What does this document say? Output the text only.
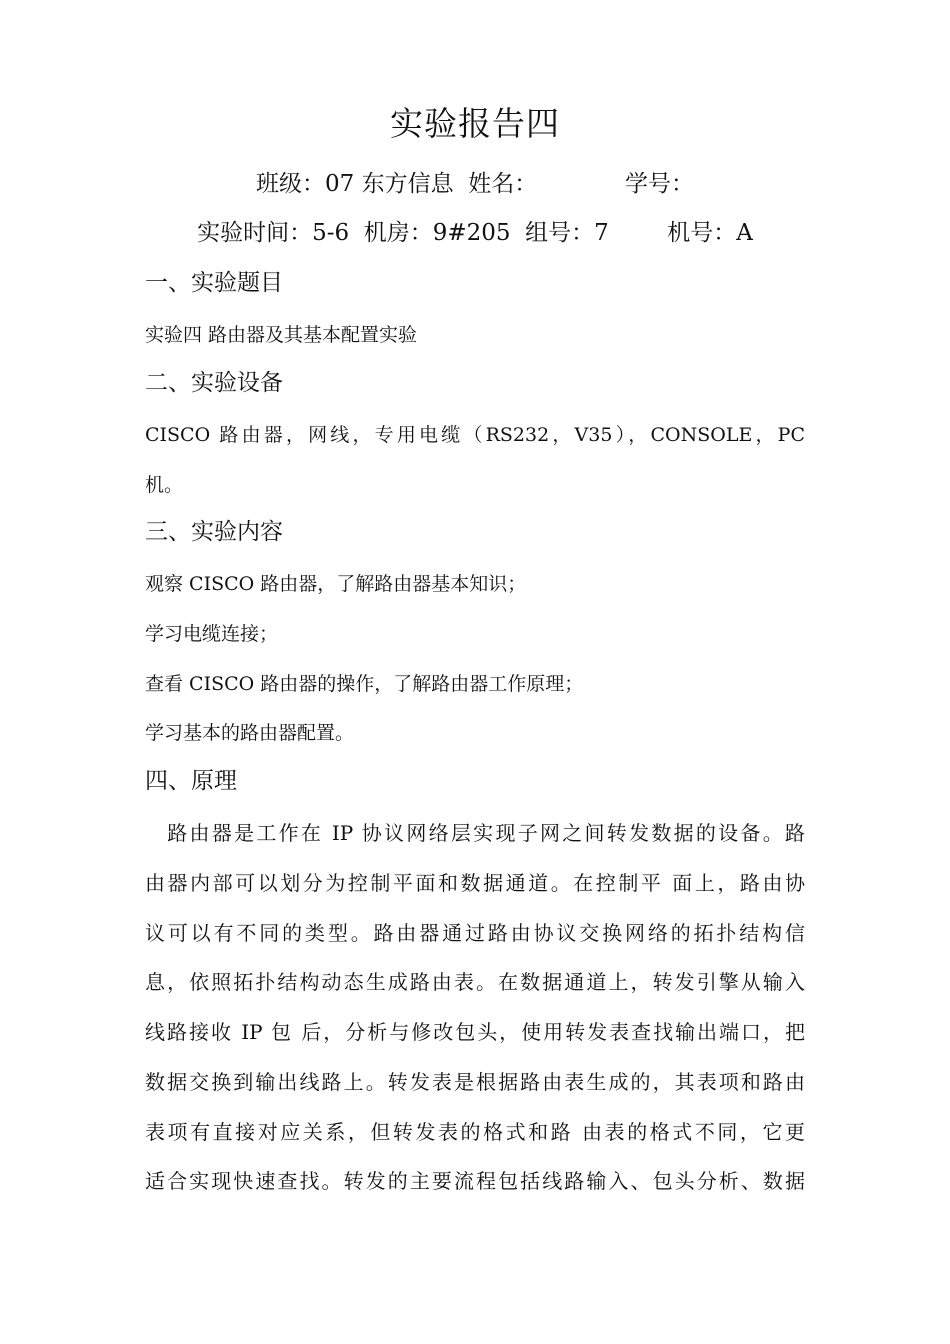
实验报告四
班级：07 东方信息  姓名：            学号：
实验时间：5-6  机房：9#205  组号：7        机号：A
一、实验题目
实验四 路由器及其基本配置实验
二、实验设备
CISCO 路由器，网线，专用电缆（RS232，V35），CONSOLE，PC
机。
三、实验内容
观察 CISCO 路由器，了解路由器基本知识；
学习电缆连接；
查看 CISCO 路由器的操作，了解路由器工作原理；
学习基本的路由器配置。
四、原理
　路由器是工作在 IP 协议网络层实现子网之间转发数据的设备。路
由器内部可以划分为控制平面和数据通道。在控制平 面上，路由协
议可以有不同的类型。路由器通过路由协议交换网络的拓扑结构信
息，依照拓扑结构动态生成路由表。在数据通道上，转发引擎从输入
线路接收 IP 包 后，分析与修改包头，使用转发表查找输出端口，把
数据交换到输出线路上。转发表是根据路由表生成的，其表项和路由
表项有直接对应关系，但转发表的格式和路 由表的格式不同，它更
适合实现快速查找。转发的主要流程包括线路输入、包头分析、数据
